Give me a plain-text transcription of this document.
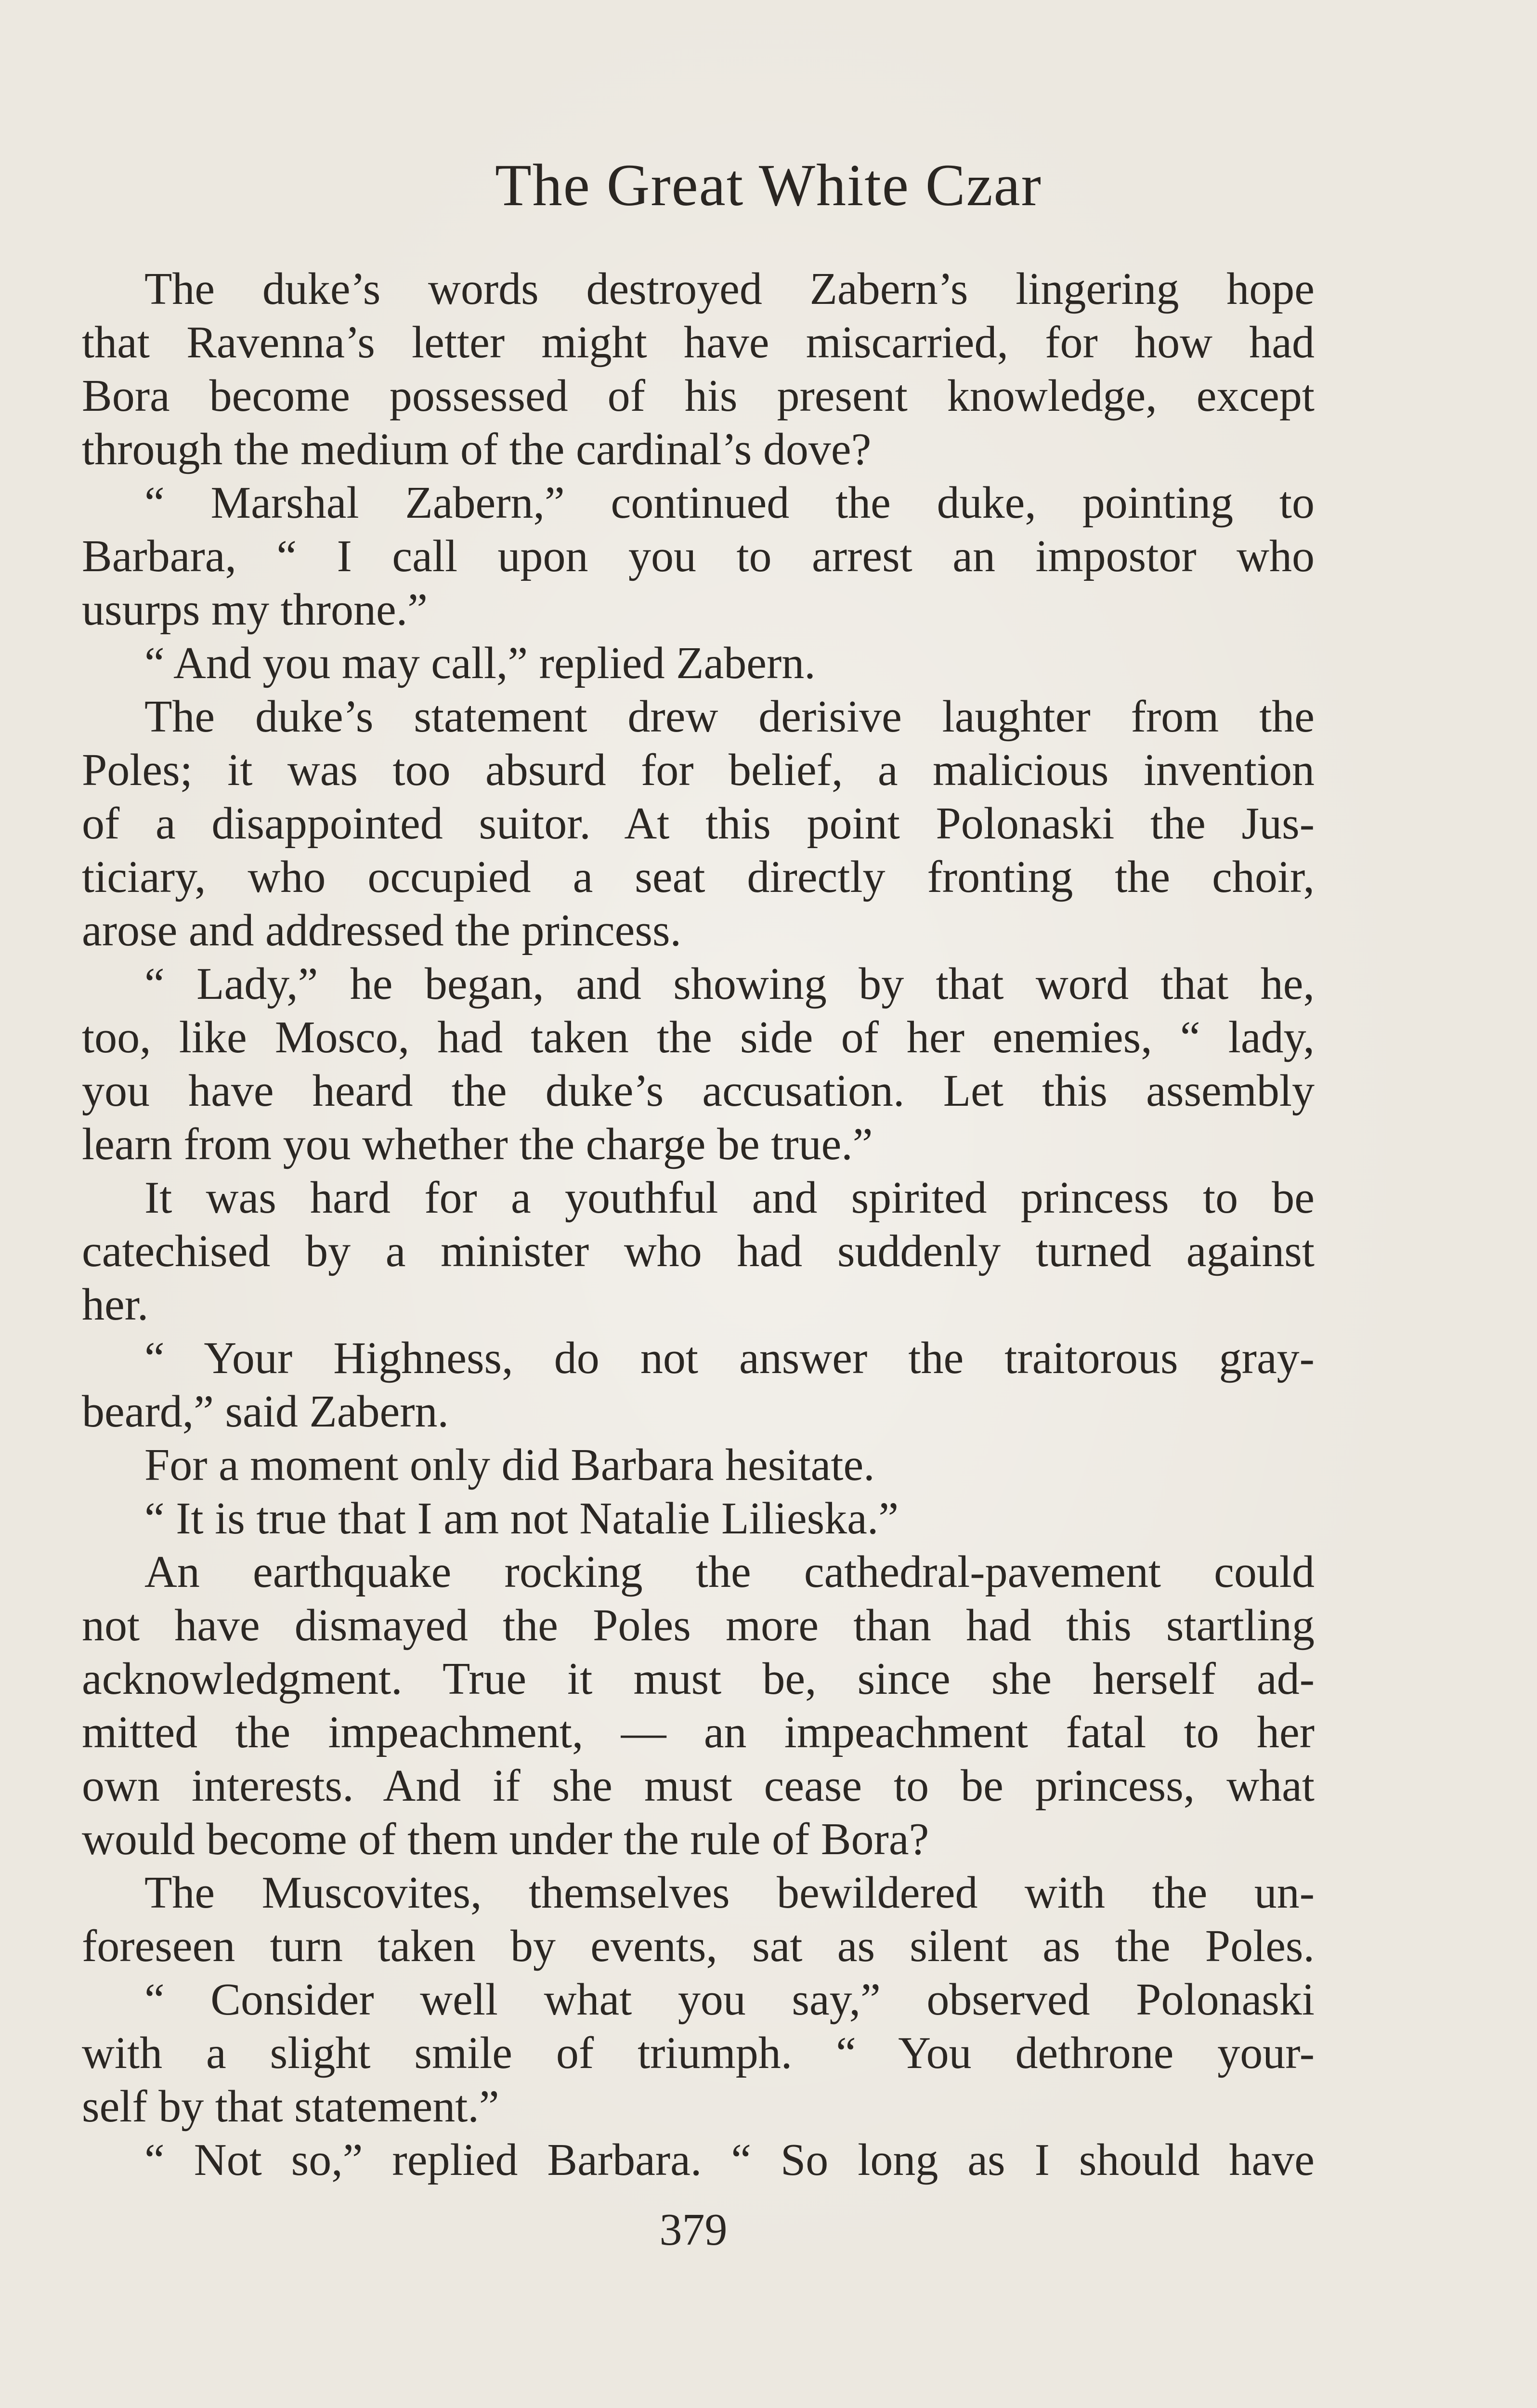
The Great White Czar
The duke’s words destroyed Zabern’s lingering hope
that Ravenna’s letter might have miscarried, for how had
Bora become possessed of his present knowledge, except
through the medium of the cardinal’s dove?
“ Marshal Zabern,” continued the duke, pointing to
Barbara, “ I call upon you to arrest an impostor who
usurps my throne.”
“ And you may call,” replied Zabern.
The duke’s statement drew derisive laughter from the
Poles; it was too absurd for belief, a malicious invention
of a disappointed suitor. At this point Polonaski the Jus-
ticiary, who occupied a seat directly fronting the choir,
arose and addressed the princess.
“ Lady,” he began, and showing by that word that he,
too, like Mosco, had taken the side of her enemies, “ lady,
you have heard the duke’s accusation. Let this assembly
learn from you whether the charge be true.”
It was hard for a youthful and spirited princess to be
catechised by a minister who had suddenly turned against
her.
“ Your Highness, do not answer the traitorous gray-
beard,” said Zabern.
For a moment only did Barbara hesitate.
“ It is true that I am not Natalie Lilieska.”
An earthquake rocking the cathedral-pavement could
not have dismayed the Poles more than had this startling
acknowledgment. True it must be, since she herself ad-
mitted the impeachment, — an impeachment fatal to her
own interests. And if she must cease to be princess, what
would become of them under the rule of Bora?
The Muscovites, themselves bewildered with the un-
foreseen turn taken by events, sat as silent as the Poles.
“ Consider well what you say,” observed Polonaski
with a slight smile of triumph. “ You dethrone your-
self by that statement.”
“ Not so,” replied Barbara. “ So long as I should have
379
